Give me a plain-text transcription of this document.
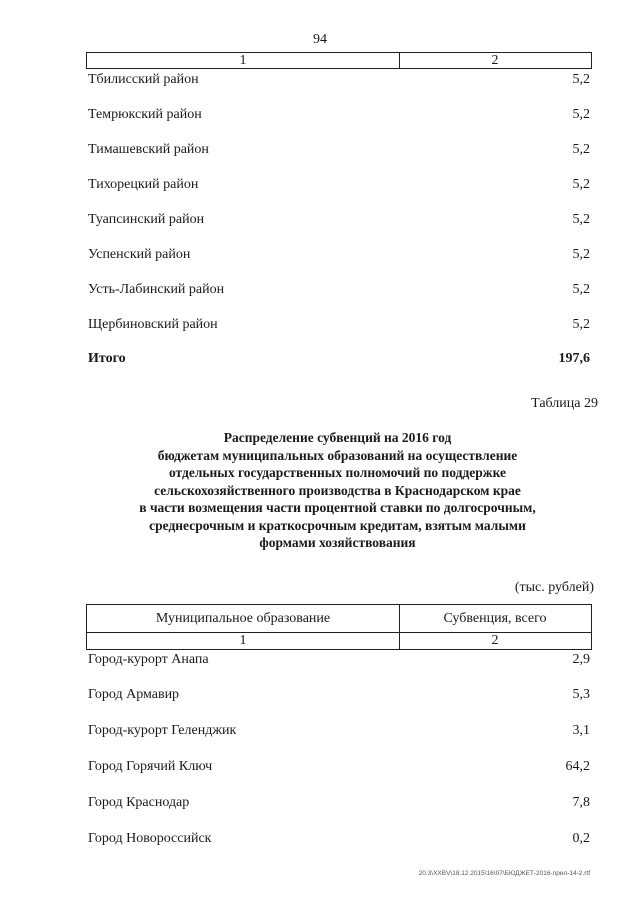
94
1	2
Тбилисский район	5,2
Темрюкский район	5,2
Тимашевский район	5,2
Тихорецкий район	5,2
Туапсинский район	5,2
Успенский район	5,2
Усть-Лабинский район	5,2
Щербиновский район	5,2
Итого	197,6
Таблица 29
Распределение субвенций на 2016 год
бюджетам муниципальных образований на осуществление
отдельных государственных полномочий по поддержке
сельскохозяйственного производства в Краснодарском крае
в части возмещения части процентной ставки по долгосрочным,
среднесрочным и краткосрочным кредитам, взятым малыми
формами хозяйствования
(тыс. рублей)
Муниципальное образование	Субвенция, всего
1	2
Город-курорт Анапа	2,9
Город Армавир	5,3
Город-курорт Геленджик	3,1
Город Горячий Ключ	64,2
Город Краснодар	7,8
Город Новороссийск	0,2
20.3\XXBV\18.12.2015\16\07\БЮДЖЕТ-2016-прил-14-2.rtf
